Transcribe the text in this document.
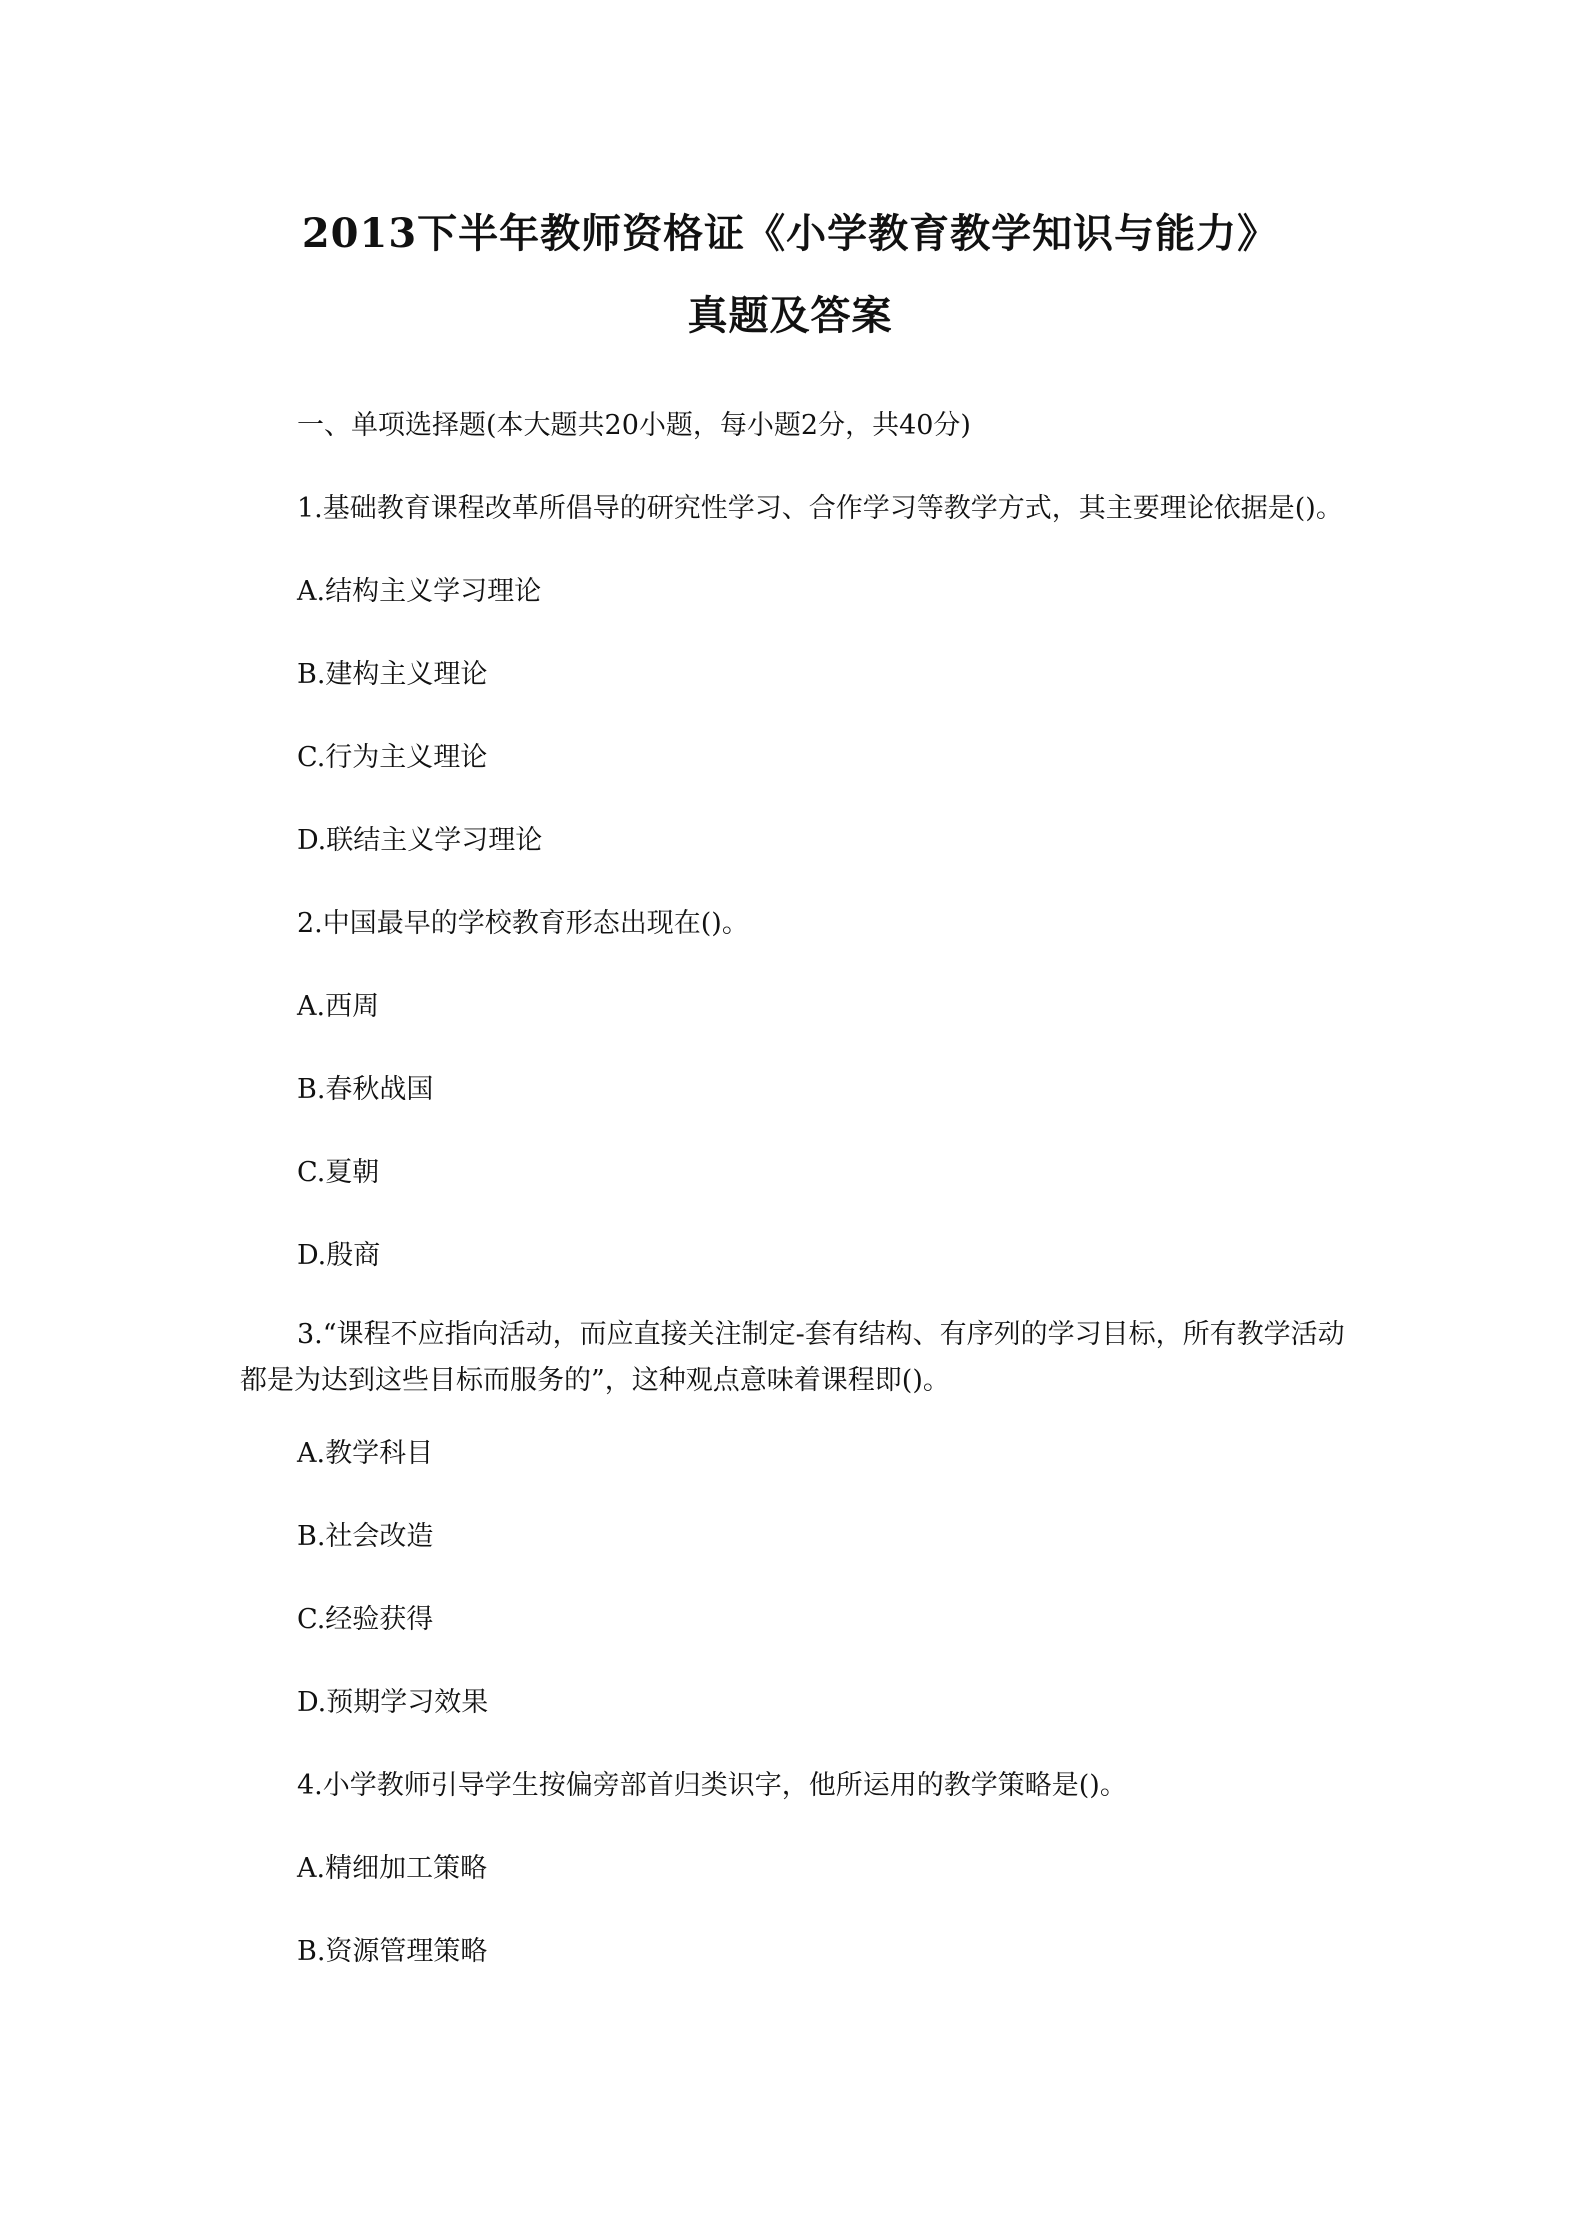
2013下半年教师资格证《小学教育教学知识与能力》
真题及答案

一、单项选择题(本大题共20小题，每小题2分，共40分)

1.基础教育课程改革所倡导的研究性学习、合作学习等教学方式，其主要理论依据是()。

A.结构主义学习理论

B.建构主义理论

C.行为主义理论

D.联结主义学习理论

2.中国最早的学校教育形态出现在()。

A.西周

B.春秋战国

C.夏朝

D.殷商

3.“课程不应指向活动，而应直接关注制定-套有结构、有序列的学习目标，所有教学活动都是为达到这些目标而服务的”，这种观点意味着课程即()。

A.教学科目

B.社会改造

C.经验获得

D.预期学习效果

4.小学教师引导学生按偏旁部首归类识字，他所运用的教学策略是()。

A.精细加工策略

B.资源管理策略
